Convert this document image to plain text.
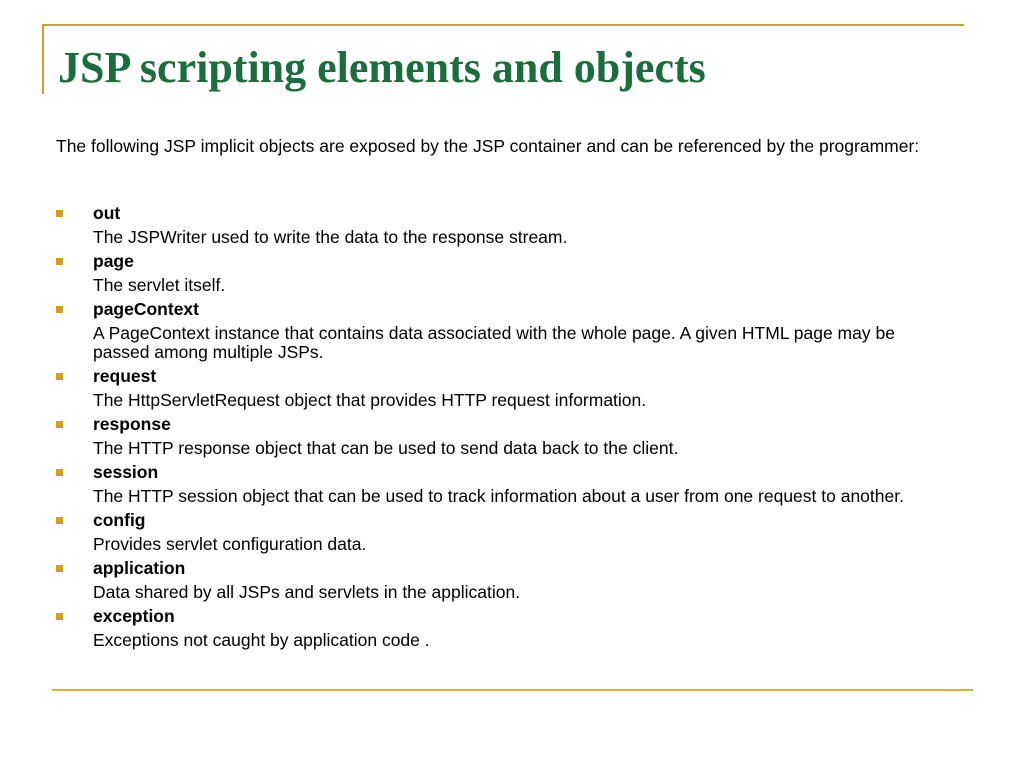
JSP scripting elements and objects

The following JSP implicit objects are exposed by the JSP container and can be referenced by the programmer:

out
The JSPWriter used to write the data to the response stream.
page
The servlet itself.
pageContext
A PageContext instance that contains data associated with the whole page. A given HTML page may be passed among multiple JSPs.
request
The HttpServletRequest object that provides HTTP request information.
response
The HTTP response object that can be used to send data back to the client.
session
The HTTP session object that can be used to track information about a user from one request to another.
config
Provides servlet configuration data.
application
Data shared by all JSPs and servlets in the application.
exception
Exceptions not caught by application code .
